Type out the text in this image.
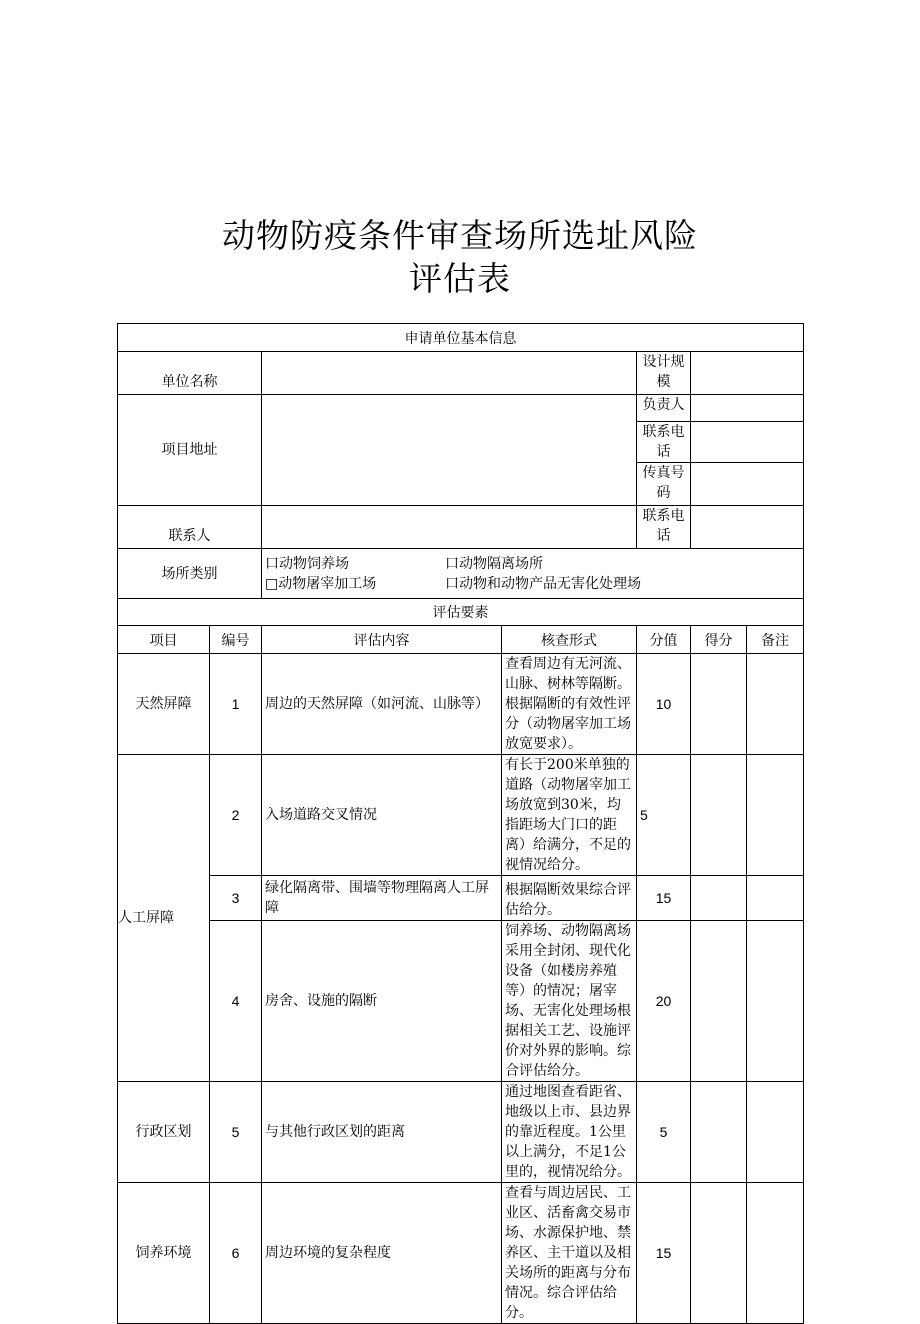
动物防疫条件审查场所选址风险
评估表
申请单位基本信息						
单位名称				设计规模		
项目地址				负责人		
				联系电话		
				传真号码		
联系人				联系电话		
场所类别		口动物饲养场 口动物隔离场所
□动物屠宰加工场 口动物和动物产品无害化处理场				

评估要素						
项目	编号	评估内容	核查形式	分值	得分	备注
天然屏障	1	周边的天然屏障（如河流、山脉等）	查看周边有无河流、山脉、树林等隔断。根据隔断的有效性评分（动物屠宰加工场放宽要求）。	10		
人工屏障	2	入场道路交叉情况	有长于200米单独的道路（动物屠宰加工场放宽到30米，均指距场大门口的距离）给满分，不足的视情况给分。	5		
	3	绿化隔离带、围墙等物理隔离人工屏障	根据隔断效果综合评估给分。	15		
	4	房舍、设施的隔断	饲养场、动物隔离场采用全封闭、现代化设备（如楼房养殖等）的情况；屠宰场、无害化处理场根据相关工艺、设施评价对外界的影响。综合评估给分。	20		
行政区划	5	与其他行政区划的距离	通过地图查看距省、地级以上市、县边界的靠近程度。1公里以上满分，不足1公里的，视情况给分。	5		
饲养环境	6	周边环境的复杂程度	查看与周边居民、工业区、活畜禽交易市场、水源保护地、禁养区、主干道以及相关场所的距离与分布情况。综合评估给分。	15		
